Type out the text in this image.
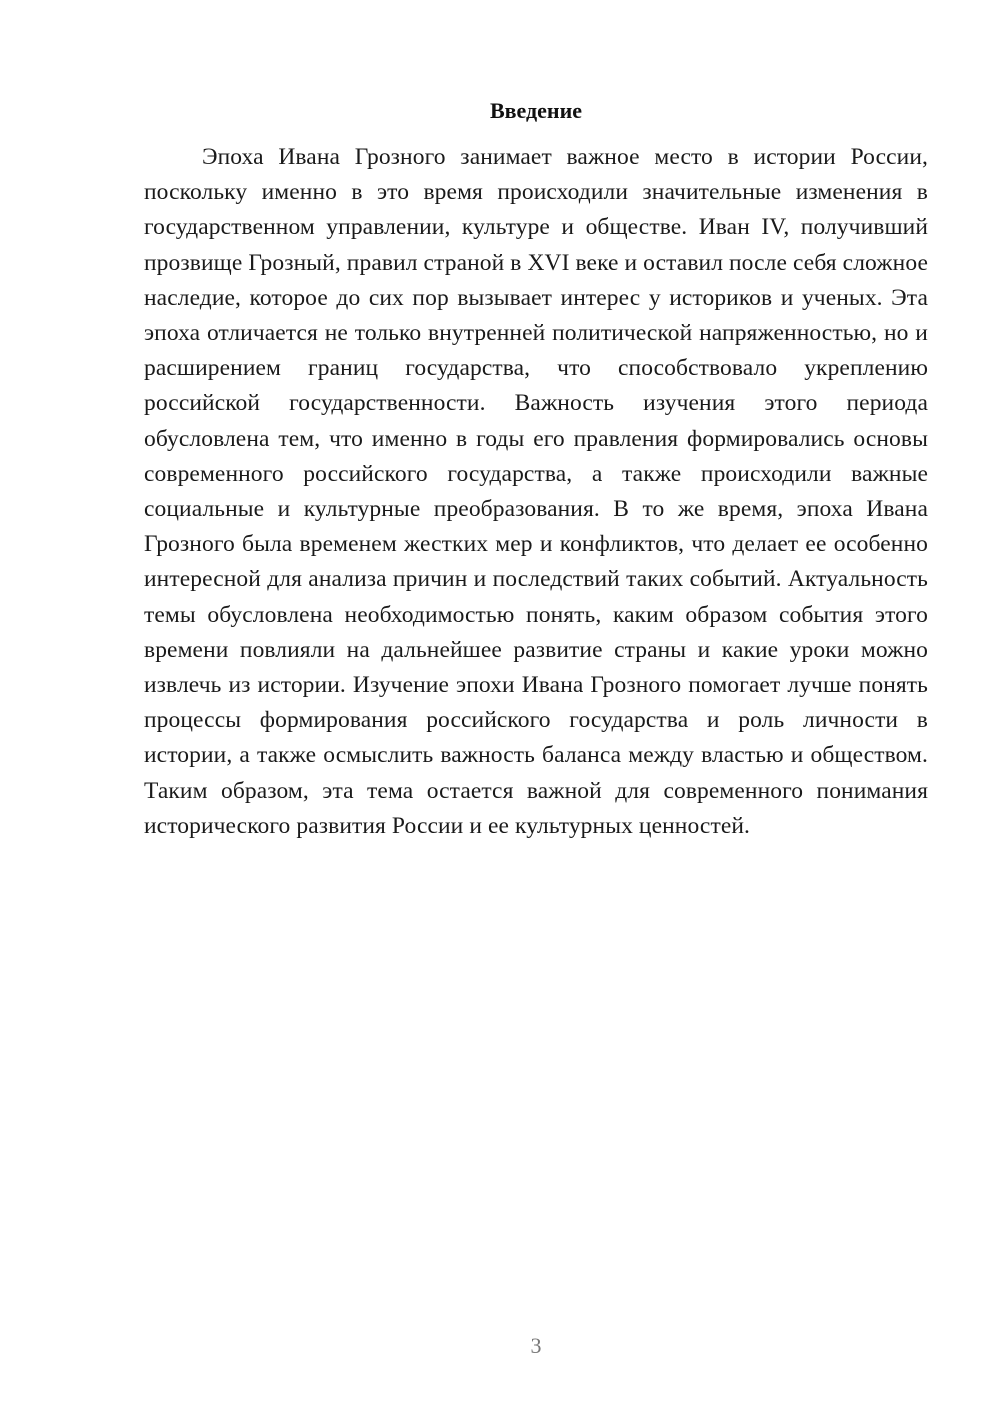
Введение

Эпоха Ивана Грозного занимает важное место в истории России, поскольку именно в это время происходили значительные изменения в государственном управлении, культуре и обществе. Иван IV, получивший прозвище Грозный, правил страной в XVI веке и оставил после себя сложное наследие, которое до сих пор вызывает интерес у историков и ученых. Эта эпоха отличается не только внутренней политической напряженностью, но и расширением границ государства, что способствовало укреплению российской государственности. Важность изучения этого периода обусловлена тем, что именно в годы его правления формировались основы современного российского государства, а также происходили важные социальные и культурные преобразования. В то же время, эпоха Ивана Грозного была временем жестких мер и конфликтов, что делает ее особенно интересной для анализа причин и последствий таких событий. Актуальность темы обусловлена необходимостью понять, каким образом события этого времени повлияли на дальнейшее развитие страны и какие уроки можно извлечь из истории. Изучение эпохи Ивана Грозного помогает лучше понять процессы формирования российского государства и роль личности в истории, а также осмыслить важность баланса между властью и обществом. Таким образом, эта тема остается важной для современного понимания исторического развития России и ее культурных ценностей.

3
